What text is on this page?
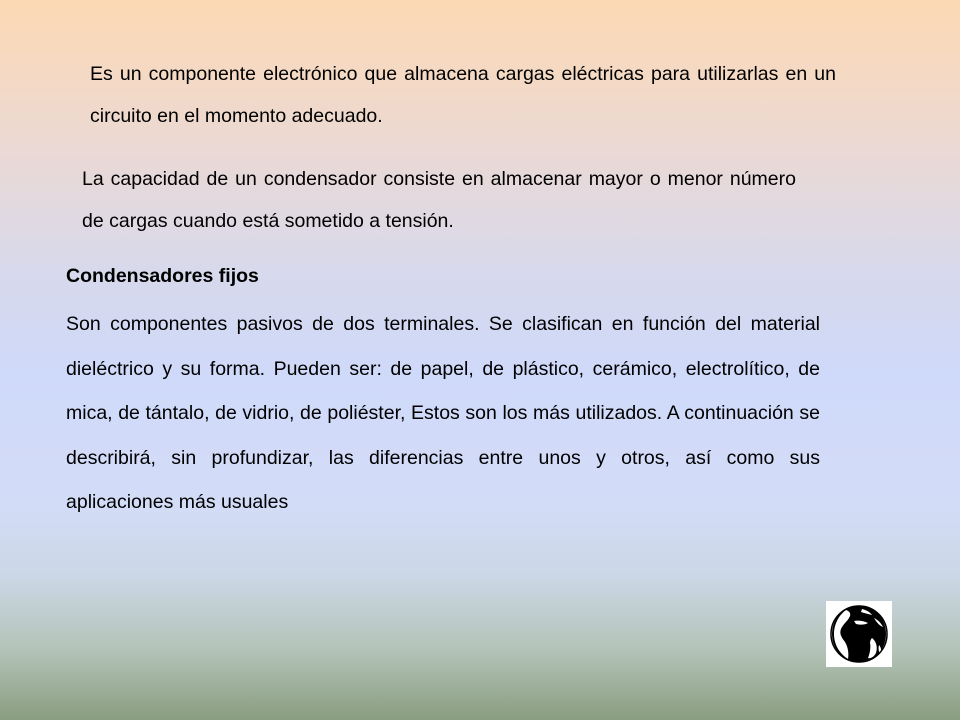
Es un componente electrónico que almacena cargas eléctricas para utilizarlas en un circuito en el momento adecuado.

La capacidad de un condensador consiste en almacenar mayor o menor número de cargas cuando está sometido a tensión.

Condensadores fijos

Son componentes pasivos de dos terminales. Se clasifican en función del material dieléctrico y su forma. Pueden ser: de papel, de plástico, cerámico, electrolítico, de mica, de tántalo, de vidrio, de poliéster, Estos son los más utilizados. A continuación se describirá, sin profundizar, las diferencias entre unos y otros, así como sus aplicaciones más usuales
